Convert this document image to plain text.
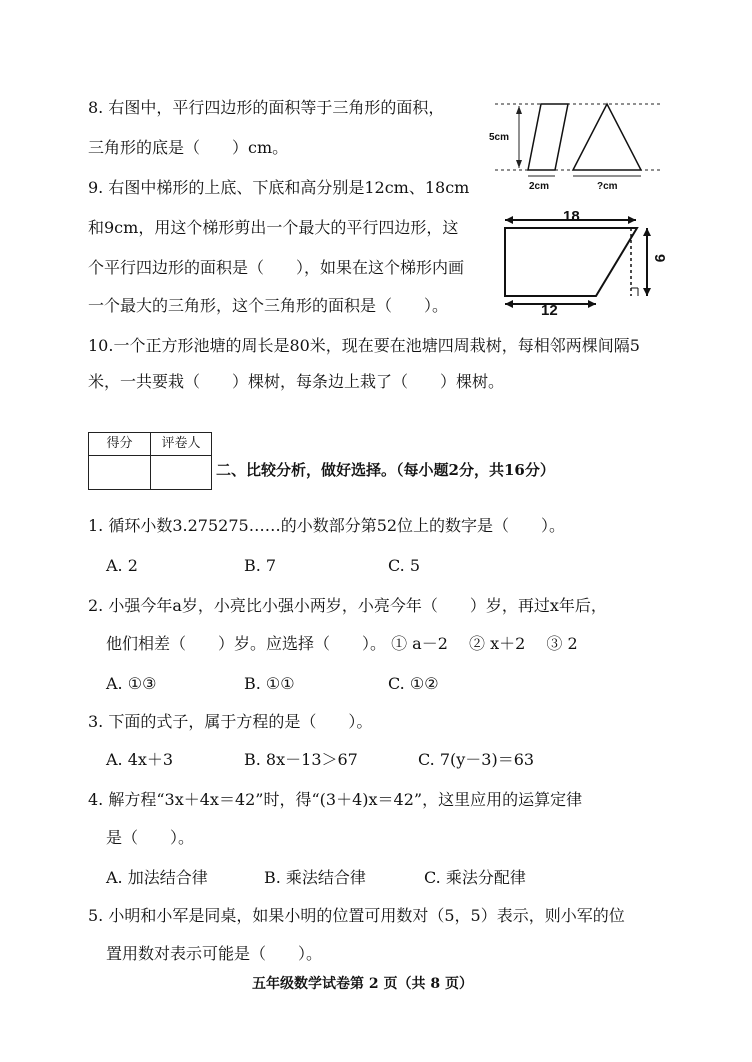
8. 右图中，平行四边形的面积等于三角形的面积，
三角形的底是（　　）cm。
9. 右图中梯形的上底、下底和高分别是12cm、18cm
和9cm，用这个梯形剪出一个最大的平行四边形，这
个平行四边形的面积是（　　），如果在这个梯形内画
一个最大的三角形，这个三角形的面积是（　　）。
10.一个正方形池塘的周长是80米，现在要在池塘四周栽树，每相邻两棵间隔5
米，一共要栽（　　）棵树，每条边上栽了（　　）棵树。
5cm
2cm	?cm
18
9
12
得分	评卷人
二、比较分析，做好选择。（每小题2分，共16分）
1. 循环小数3.275275……的小数部分第52位上的数字是（　　）。
A. 2	B. 7	C. 5
2. 小强今年a岁，小亮比小强小两岁，小亮今年（　　）岁，再过x年后，
他们相差（　　）岁。应选择（　　）。 ① a－2　 ② x＋2　 ③ 2
A. ①③	B. ①①	C. ①②
3. 下面的式子，属于方程的是（　　）。
A. 4x＋3	B. 8x－13＞67	C. 7(y－3)＝63
4. 解方程“3x＋4x＝42”时，得“(3＋4)x＝42”，这里应用的运算定律
是（　　）。
A. 加法结合律	B. 乘法结合律	C. 乘法分配律
5. 小明和小军是同桌，如果小明的位置可用数对（5，5）表示，则小军的位
置用数对表示可能是（　　）。
五年级数学试卷第 2 页（共 8 页）
